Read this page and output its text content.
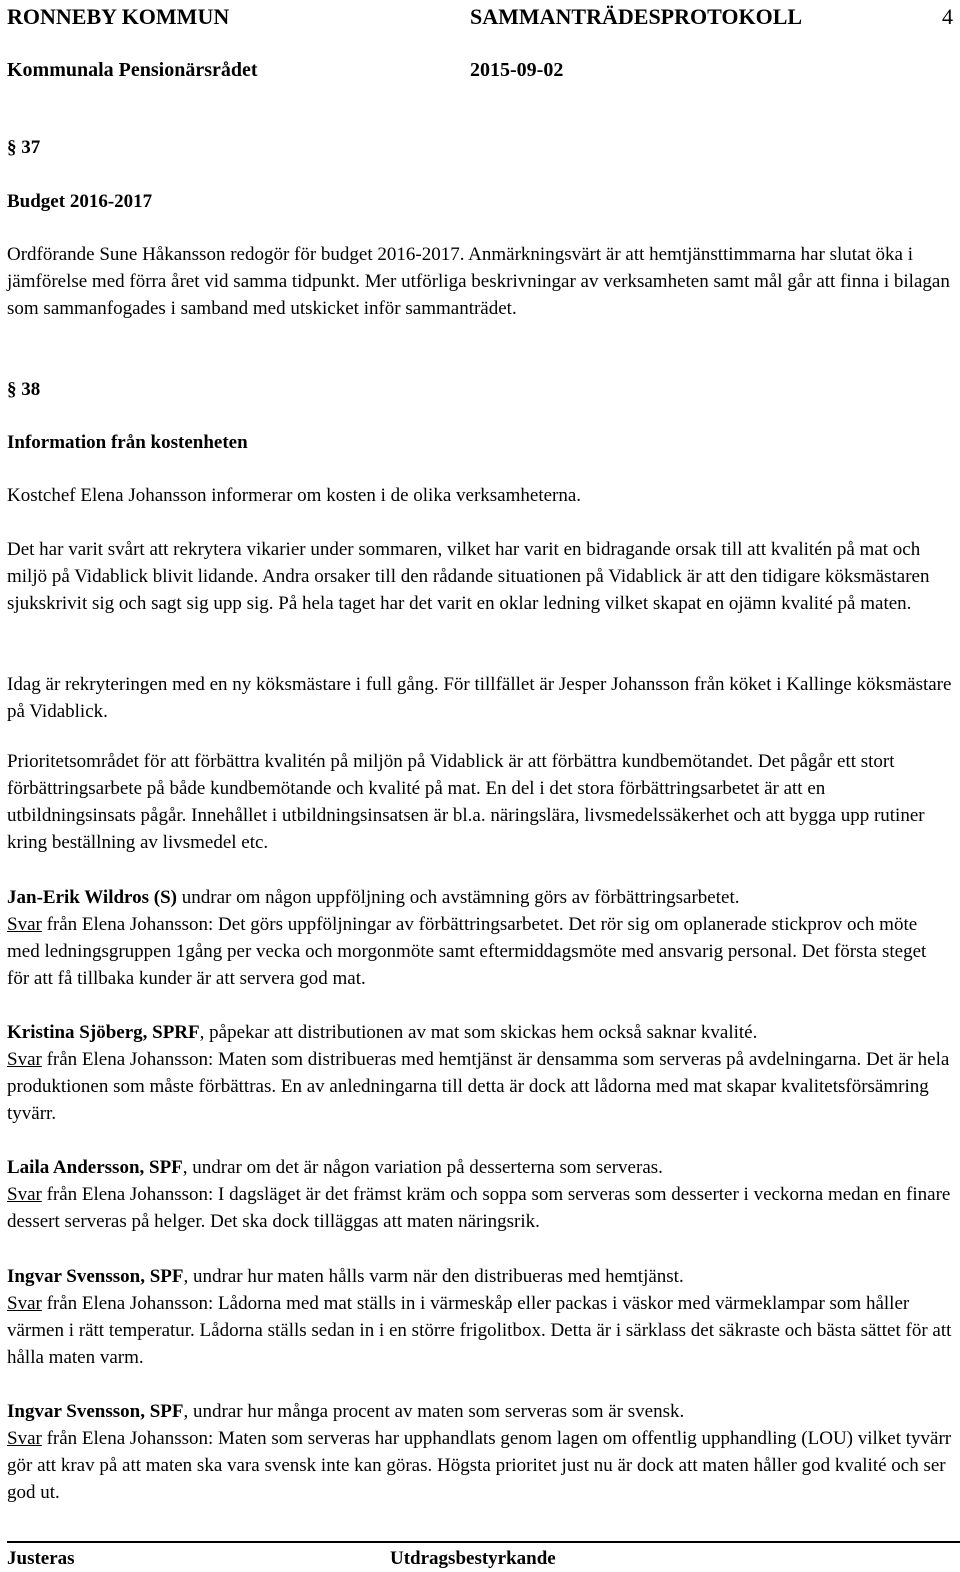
RONNEBY KOMMUN	SAMMANTRÄDESPROTOKOLL	4
Kommunala Pensionärsrådet	2015-09-02

§ 37

Budget 2016-2017

Ordförande Sune Håkansson redogör för budget 2016-2017. Anmärkningsvärt är att hemtjänsttimmarna har slutat öka i jämförelse med förra året vid samma tidpunkt. Mer utförliga beskrivningar av verksamheten samt mål går att finna i bilagan som sammanfogades i samband med utskicket inför sammanträdet.

§ 38

Information från kostenheten

Kostchef Elena Johansson informerar om kosten i de olika verksamheterna.

Det har varit svårt att rekrytera vikarier under sommaren, vilket har varit en bidragande orsak till att kvalitén på mat och miljö på Vidablick blivit lidande. Andra orsaker till den rådande situationen på Vidablick är att den tidigare köksmästaren sjukskrivit sig och sagt sig upp sig. På hela taget har det varit en oklar ledning vilket skapat en ojämn kvalité på maten.

Idag är rekryteringen med en ny köksmästare i full gång. För tillfället är Jesper Johansson från köket i Kallinge köksmästare på Vidablick.

Prioritetsområdet för att förbättra kvalitén på miljön på Vidablick är att förbättra kundbemötandet. Det pågår ett stort förbättringsarbete på både kundbemötande och kvalité på mat. En del i det stora förbättringsarbetet är att en utbildningsinsats pågår. Innehållet i utbildningsinsatsen är bl.a. näringslära, livsmedelssäkerhet och att bygga upp rutiner kring beställning av livsmedel etc.

Jan-Erik Wildros (S) undrar om någon uppföljning och avstämning görs av förbättringsarbetet.
Svar från Elena Johansson: Det görs uppföljningar av förbättringsarbetet. Det rör sig om oplanerade stickprov och möte med ledningsgruppen 1gång per vecka och morgonmöte samt eftermiddagsmöte med ansvarig personal. Det första steget för att få tillbaka kunder är att servera god mat.
Kristina Sjöberg, SPRF, påpekar att distributionen av mat som skickas hem också saknar kvalité.
Svar från Elena Johansson: Maten som distribueras med hemtjänst är densamma som serveras på avdelningarna. Det är hela produktionen som måste förbättras. En av anledningarna till detta är dock att lådorna med mat skapar kvalitetsförsämring tyvärr.
Laila Andersson, SPF, undrar om det är någon variation på desserterna som serveras.
Svar från Elena Johansson: I dagsläget är det främst kräm och soppa som serveras som desserter i veckorna medan en finare dessert serveras på helger. Det ska dock tilläggas att maten näringsrik.
Ingvar Svensson, SPF, undrar hur maten hålls varm när den distribueras med hemtjänst.
Svar från Elena Johansson: Lådorna med mat ställs in i värmeskåp eller packas i väskor med värmeklampar som håller värmen i rätt temperatur. Lådorna ställs sedan in i en större frigolitbox. Detta är i särklass det säkraste och bästa sättet för att hålla maten varm.
Ingvar Svensson, SPF, undrar hur många procent av maten som serveras som är svensk.
Svar från Elena Johansson: Maten som serveras har upphandlats genom lagen om offentlig upphandling (LOU) vilket tyvärr gör att krav på att maten ska vara svensk inte kan göras. Högsta prioritet just nu är dock att maten håller god kvalité och ser god ut.
Justeras	Utdragsbestyrkande
